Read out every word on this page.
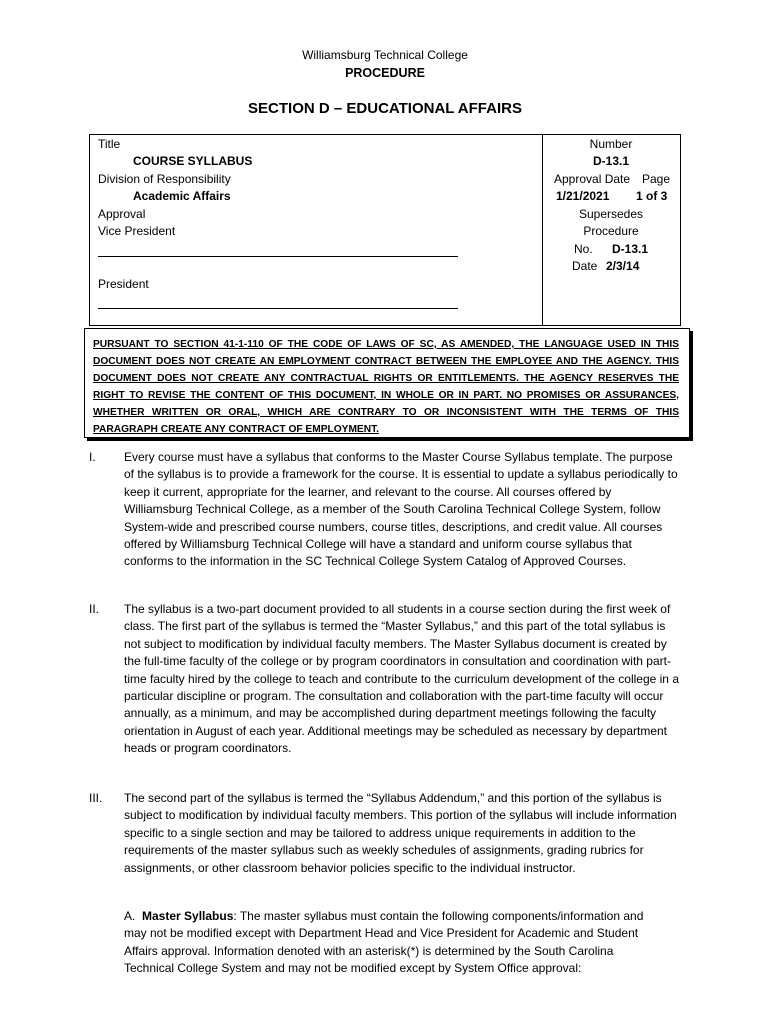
Williamsburg Technical College
PROCEDURE
SECTION D – EDUCATIONAL AFFAIRS
Title
COURSE SYLLABUS
Division of Responsibility
Academic Affairs
Approval
Vice President
President
Number
D-13.1
Approval Date Page
1/21/2021 1 of 3
Supersedes
Procedure
No. D-13.1
Date 2/3/14
PURSUANT TO SECTION 41-1-110 OF THE CODE OF LAWS OF SC, AS AMENDED, THE LANGUAGE USED IN THIS DOCUMENT DOES NOT CREATE AN EMPLOYMENT CONTRACT BETWEEN THE EMPLOYEE AND THE AGENCY. THIS DOCUMENT DOES NOT CREATE ANY CONTRACTUAL RIGHTS OR ENTITLEMENTS. THE AGENCY RESERVES THE RIGHT TO REVISE THE CONTENT OF THIS DOCUMENT, IN WHOLE OR IN PART. NO PROMISES OR ASSURANCES, WHETHER WRITTEN OR ORAL, WHICH ARE CONTRARY TO OR INCONSISTENT WITH THE TERMS OF THIS PARAGRAPH CREATE ANY CONTRACT OF EMPLOYMENT.
I.	Every course must have a syllabus that conforms to the Master Course Syllabus template. The purpose of the syllabus is to provide a framework for the course. It is essential to update a syllabus periodically to keep it current, appropriate for the learner, and relevant to the course. All courses offered by Williamsburg Technical College, as a member of the South Carolina Technical College System, follow System-wide and prescribed course numbers, course titles, descriptions, and credit value. All courses offered by Williamsburg Technical College will have a standard and uniform course syllabus that conforms to the information in the SC Technical College System Catalog of Approved Courses.
II.	The syllabus is a two-part document provided to all students in a course section during the first week of class. The first part of the syllabus is termed the “Master Syllabus,” and this part of the total syllabus is not subject to modification by individual faculty members. The Master Syllabus document is created by the full-time faculty of the college or by program coordinators in consultation and coordination with part-time faculty hired by the college to teach and contribute to the curriculum development of the college in a particular discipline or program. The consultation and collaboration with the part-time faculty will occur annually, as a minimum, and may be accomplished during department meetings following the faculty orientation in August of each year. Additional meetings may be scheduled as necessary by department heads or program coordinators.
III.	The second part of the syllabus is termed the “Syllabus Addendum,” and this portion of the syllabus is subject to modification by individual faculty members. This portion of the syllabus will include information specific to a single section and may be tailored to address unique requirements in addition to the requirements of the master syllabus such as weekly schedules of assignments, grading rubrics for assignments, or other classroom behavior policies specific to the individual instructor.
A. Master Syllabus: The master syllabus must contain the following components/information and may not be modified except with Department Head and Vice President for Academic and Student Affairs approval. Information denoted with an asterisk(*) is determined by the South Carolina Technical College System and may not be modified except by System Office approval:
